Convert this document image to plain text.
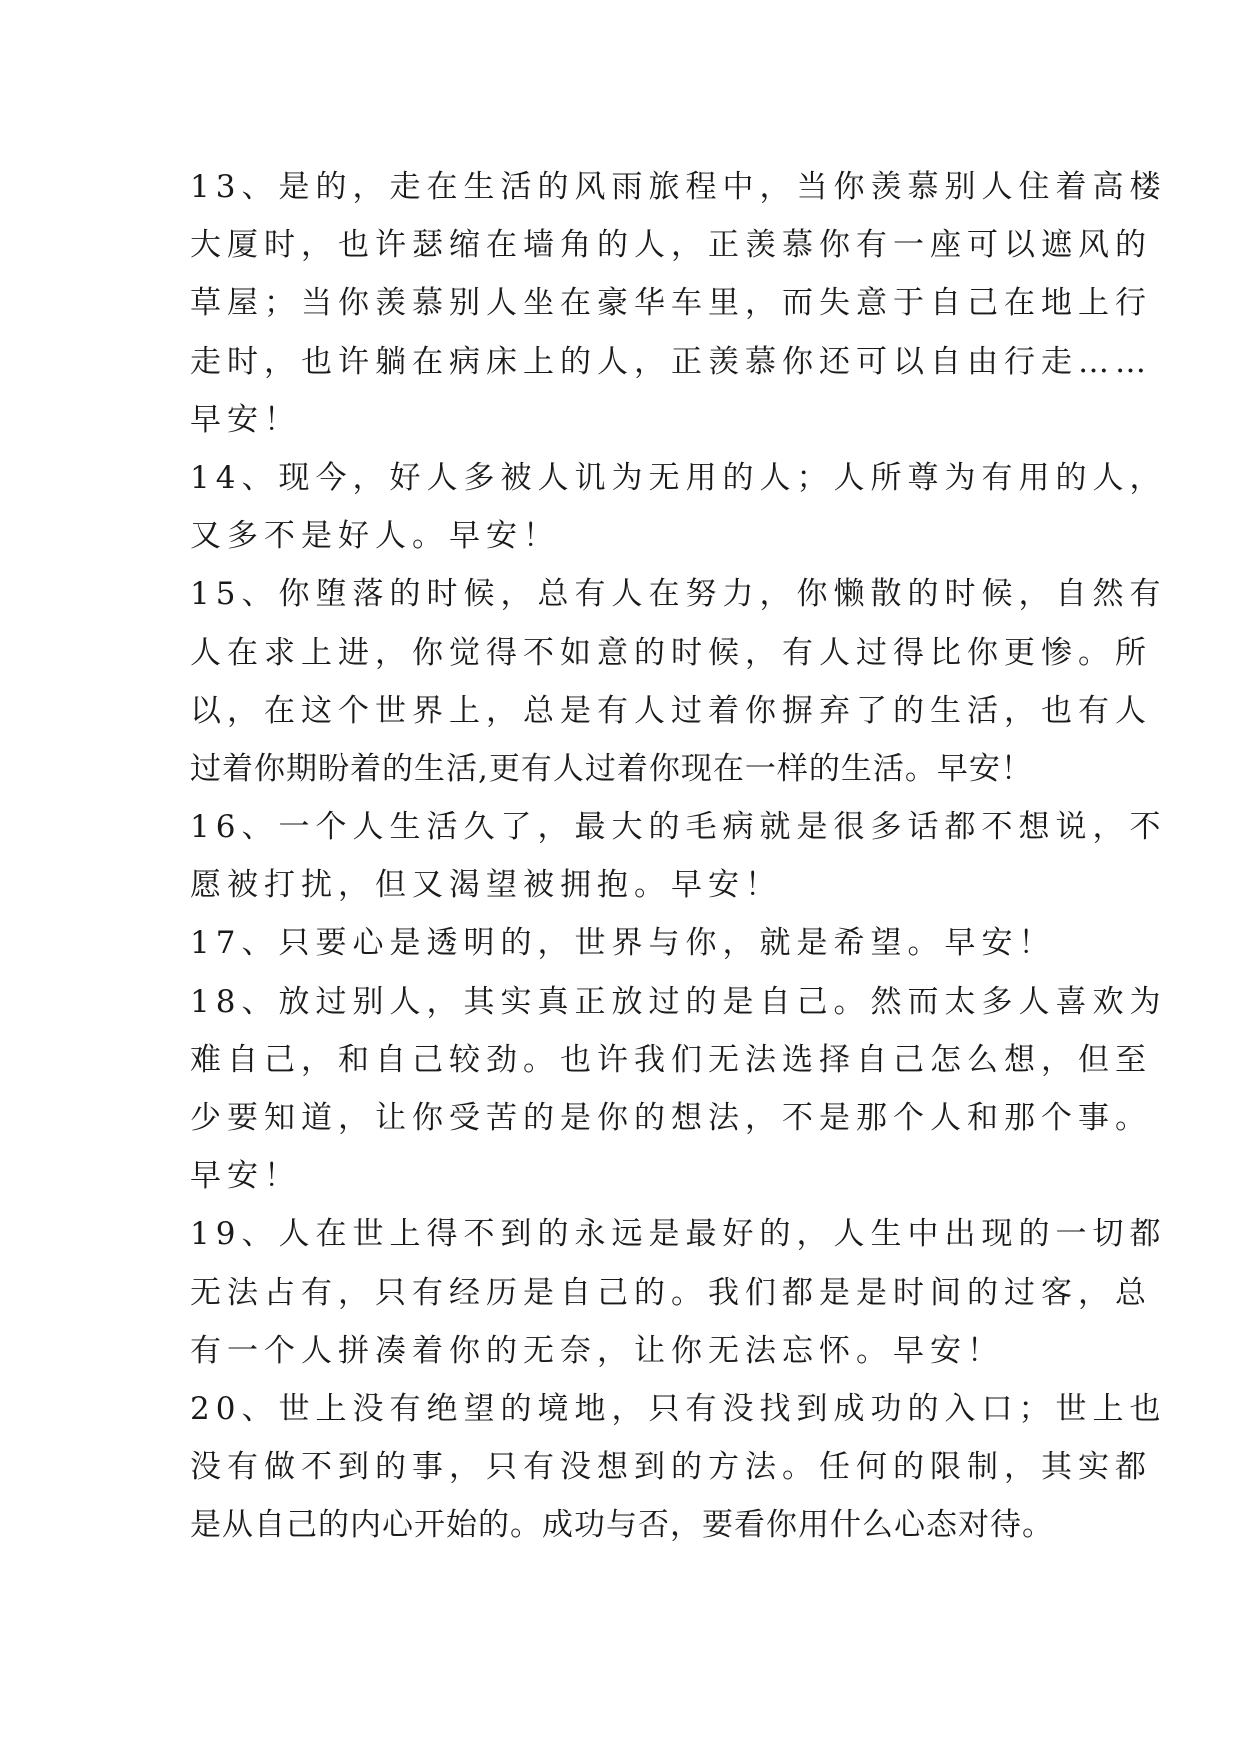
13、是的，走在生活的风雨旅程中，当你羡慕别人住着高楼
大厦时，也许瑟缩在墙角的人，正羡慕你有一座可以遮风的
草屋；当你羡慕别人坐在豪华车里，而失意于自己在地上行
走时，也许躺在病床上的人，正羡慕你还可以自由行走……
早安！
14、现今，好人多被人讥为无用的人；人所尊为有用的人，
又多不是好人。早安！
15、你堕落的时候，总有人在努力，你懒散的时候，自然有
人在求上进，你觉得不如意的时候，有人过得比你更惨。所
以，在这个世界上，总是有人过着你摒弃了的生活，也有人
过着你期盼着的生活,更有人过着你现在一样的生活。早安！
16、一个人生活久了，最大的毛病就是很多话都不想说，不
愿被打扰，但又渴望被拥抱。早安！
17、只要心是透明的，世界与你，就是希望。早安！
18、放过别人，其实真正放过的是自己。然而太多人喜欢为
难自己，和自己较劲。也许我们无法选择自己怎么想，但至
少要知道，让你受苦的是你的想法，不是那个人和那个事。
早安！
19、人在世上得不到的永远是最好的，人生中出现的一切都
无法占有，只有经历是自己的。我们都是是时间的过客，总
有一个人拼凑着你的无奈，让你无法忘怀。早安！
20、世上没有绝望的境地，只有没找到成功的入口；世上也
没有做不到的事，只有没想到的方法。任何的限制，其实都
是从自己的内心开始的。成功与否，要看你用什么心态对待。
